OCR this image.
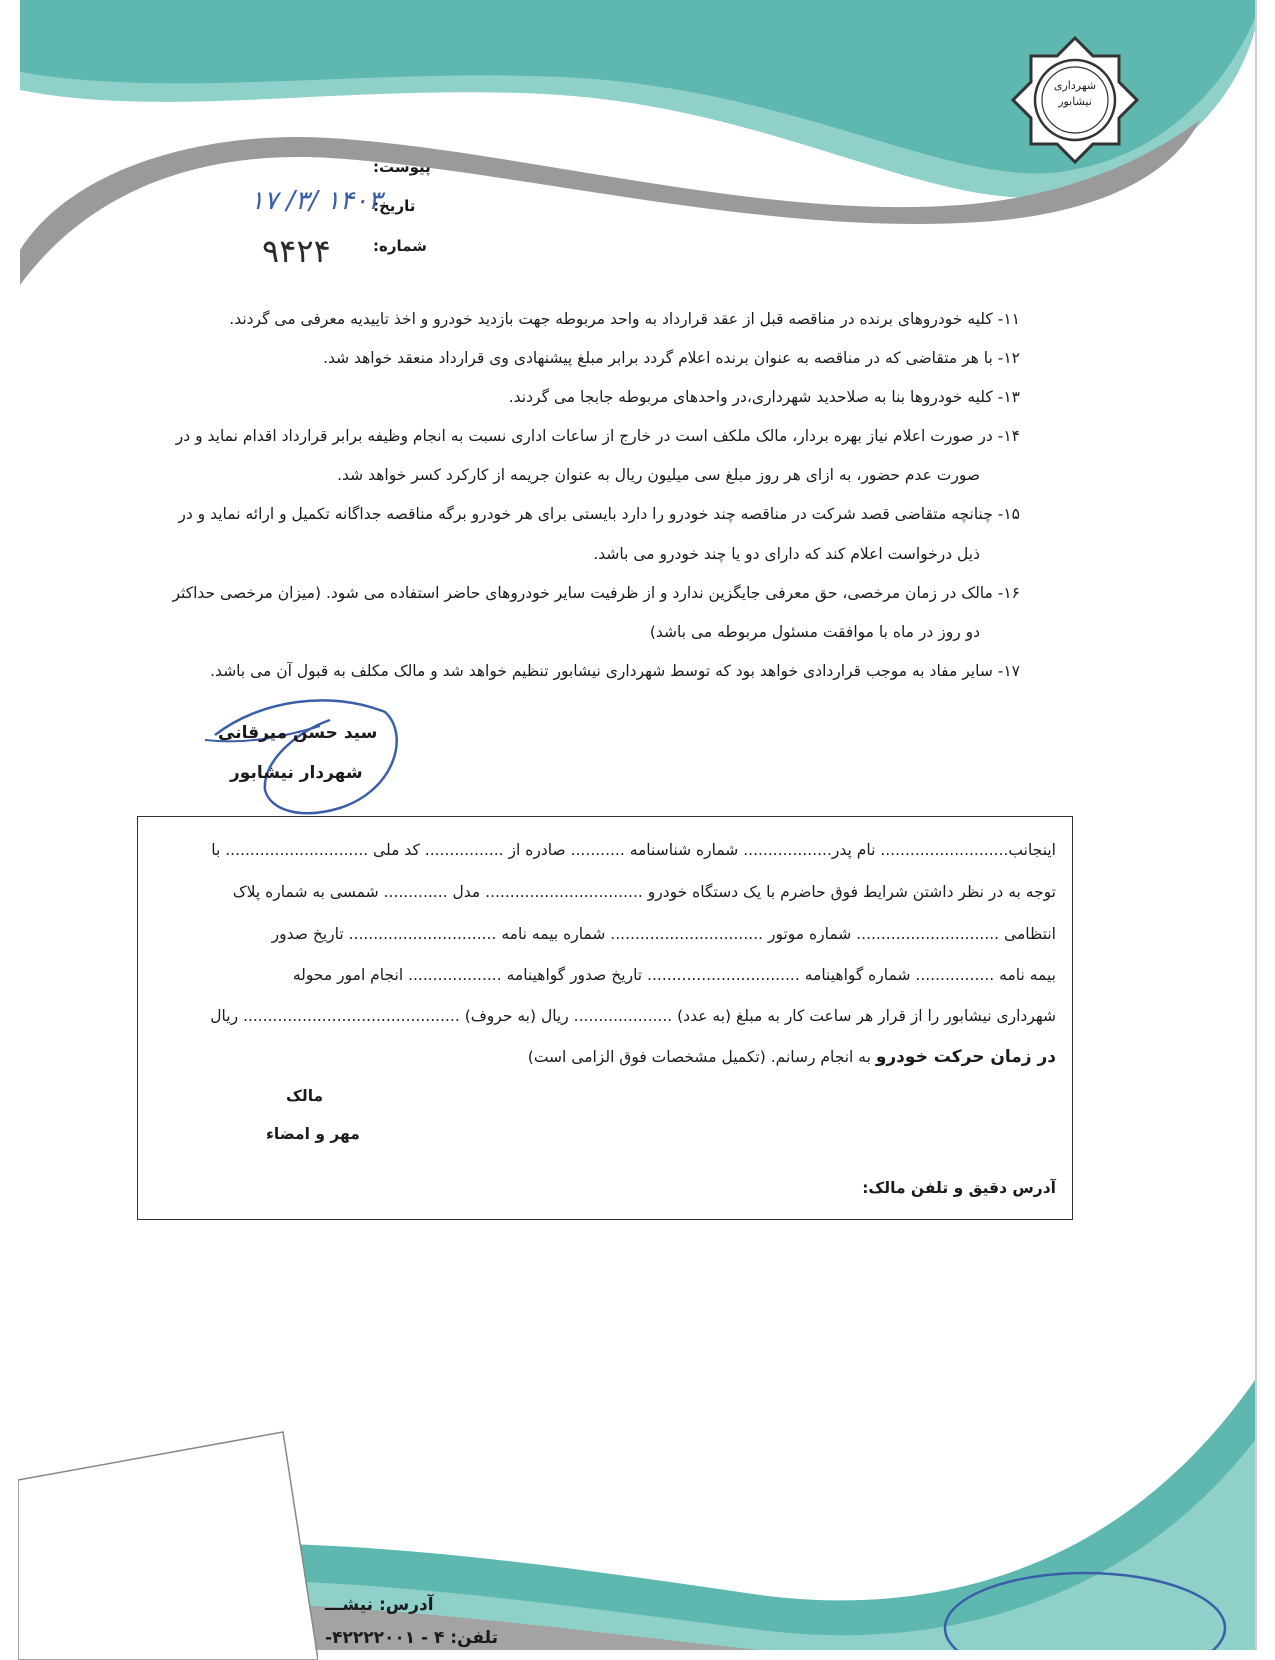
شهرداری
نیشابور
پیوست:
تاریخ:
۱۴۰۳ /۳/ ۱۷
شماره:
۹۴۲۴
۱۱- کلیه خودروهای برنده در مناقصه قبل از عقد قرارداد به واحد مربوطه جهت بازدید خودرو و اخذ تاییدیه معرفی می گردند.
۱۲- با هر متقاضی که در مناقصه به عنوان برنده اعلام گردد برابر مبلغ پیشنهادی وی قرارداد منعقد خواهد شد.
۱۳- کلیه خودروها بنا به صلاحدید شهرداری،در واحدهای مربوطه جابجا می گردند.
۱۴- در صورت اعلام نیاز بهره بردار، مالک ملکف است در خارج از ساعات اداری نسبت به انجام وظیفه برابر قرارداد اقدام نماید و در
صورت عدم حضور، به ازای هر روز مبلغ سی میلیون ریال به عنوان جریمه از کارکرد کسر خواهد شد.
۱۵- چنانچه متقاضی قصد شرکت در مناقصه چند خودرو را دارد بایستی برای هر خودرو برگه مناقصه جداگانه تکمیل و ارائه نماید و در
ذیل درخواست اعلام کند که دارای دو یا چند خودرو می باشد.
۱۶- مالک در زمان مرخصی، حق معرفی جایگزین ندارد و از ظرفیت سایر خودروهای حاضر استفاده می شود. (میزان مرخصی حداکثر
دو روز در ماه با موافقت مسئول مربوطه می باشد)
۱۷- سایر مفاد به موجب قراردادی خواهد بود که توسط شهرداری نیشابور تنظیم خواهد شد و مالک مکلف به قبول آن می باشد.
سید حسن میرقانی
شهردار نیشابور
اینجانب.......................... نام پدر.................. شماره شناسنامه ........... صادره از ................ کد ملی ............................. با
توجه به در نظر داشتن شرایط فوق حاضرم با یک دستگاه خودرو ................................ مدل ............. شمسی به شماره پلاک
انتظامی ............................. شماره موتور ............................... شماره بیمه نامه .............................. تاریخ صدور
بیمه نامه ................ شماره گواهینامه ............................... تاریخ صدور گواهینامه ................... انجام امور محوله
شهرداری نیشابور را از قرار هر ساعت کار به مبلغ (به عدد) .................... ریال (به حروف) ............................................ ریال
در زمان حرکت خودرو به انجام رسانم. (تکمیل مشخصات فوق الزامی است)
مالک
مهر و امضاء
آدرس دقیق و تلفن مالک:
آدرس: نیشـــ
تلفن: ۴ - ۴۲۲۲۲۰۰۱-
